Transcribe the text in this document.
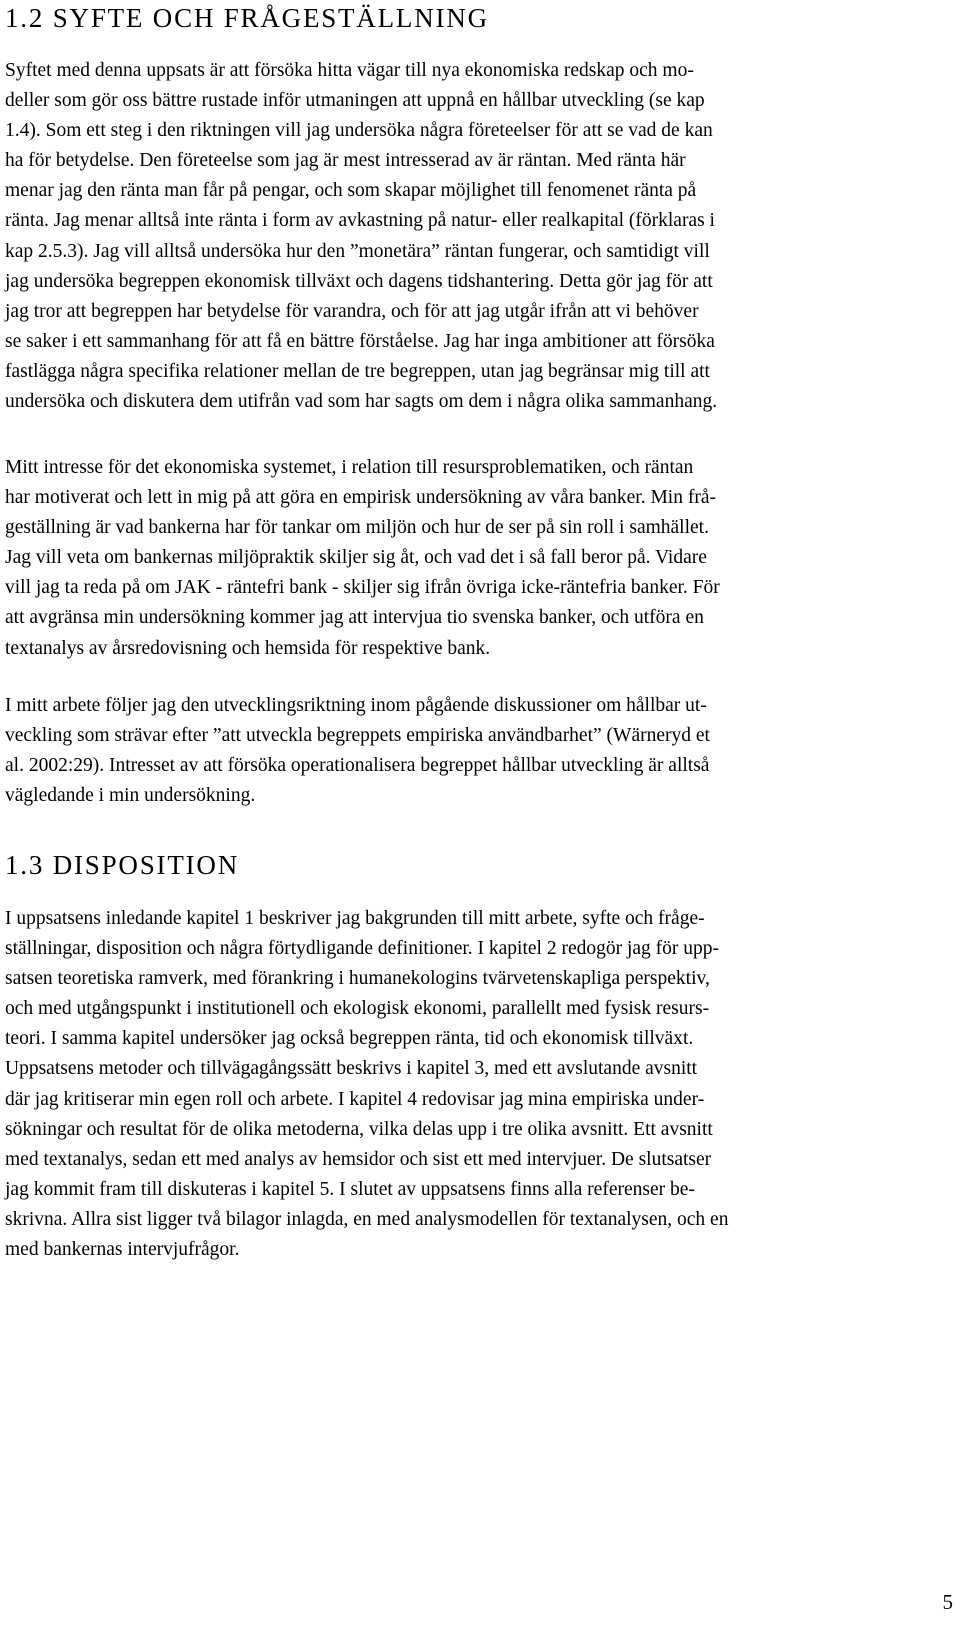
1.2 SYFTE OCH FRÅGESTÄLLNING
Syftet med denna uppsats är att försöka hitta vägar till nya ekonomiska redskap och mo-
deller som gör oss bättre rustade inför utmaningen att uppnå en hållbar utveckling (se kap
1.4). Som ett steg i den riktningen vill jag undersöka några företeelser för att se vad de kan
ha för betydelse. Den företeelse som jag är mest intresserad av är räntan. Med ränta här
menar jag den ränta man får på pengar, och som skapar möjlighet till fenomenet ränta på
ränta. Jag menar alltså inte ränta i form av avkastning på natur- eller realkapital (förklaras i
kap 2.5.3). Jag vill alltså undersöka hur den ”monetära” räntan fungerar, och samtidigt vill
jag undersöka begreppen ekonomisk tillväxt och dagens tidshantering. Detta gör jag för att
jag tror att begreppen har betydelse för varandra, och för att jag utgår ifrån att vi behöver
se saker i ett sammanhang för att få en bättre förståelse. Jag har inga ambitioner att försöka
fastlägga några specifika relationer mellan de tre begreppen, utan jag begränsar mig till att
undersöka och diskutera dem utifrån vad som har sagts om dem i några olika sammanhang.
Mitt intresse för det ekonomiska systemet, i relation till resursproblematiken, och räntan
har motiverat och lett in mig på att göra en empirisk undersökning av våra banker. Min frå-
geställning är vad bankerna har för tankar om miljön och hur de ser på sin roll i samhället.
Jag vill veta om bankernas miljöpraktik skiljer sig åt, och vad det i så fall beror på. Vidare
vill jag ta reda på om JAK - räntefri bank - skiljer sig ifrån övriga icke-räntefria banker. För
att avgränsa min undersökning kommer jag att intervjua tio svenska banker, och utföra en
textanalys av årsredovisning och hemsida för respektive bank.
I mitt arbete följer jag den utvecklingsriktning inom pågående diskussioner om hållbar ut-
veckling som strävar efter ”att utveckla begreppets empiriska användbarhet” (Wärneryd et
al. 2002:29). Intresset av att försöka operationalisera begreppet hållbar utveckling är alltså
vägledande i min undersökning.
1.3 DISPOSITION
I uppsatsens inledande kapitel 1 beskriver jag bakgrunden till mitt arbete, syfte och fråge-
ställningar, disposition och några förtydligande definitioner. I kapitel 2 redogör jag för upp-
satsen teoretiska ramverk, med förankring i humanekologins tvärvetenskapliga perspektiv,
och med utgångspunkt i institutionell och ekologisk ekonomi, parallellt med fysisk resurs-
teori. I samma kapitel undersöker jag också begreppen ränta, tid och ekonomisk tillväxt.
Uppsatsens metoder och tillvägagångssätt beskrivs i kapitel 3, med ett avslutande avsnitt
där jag kritiserar min egen roll och arbete. I kapitel 4 redovisar jag mina empiriska under-
sökningar och resultat för de olika metoderna, vilka delas upp i tre olika avsnitt. Ett avsnitt
med textanalys, sedan ett med analys av hemsidor och sist ett med intervjuer. De slutsatser
jag kommit fram till diskuteras i kapitel 5. I slutet av uppsatsens finns alla referenser be-
skrivna. Allra sist ligger två bilagor inlagda, en med analysmodellen för textanalysen, och en
med bankernas intervjufrågor.
5
